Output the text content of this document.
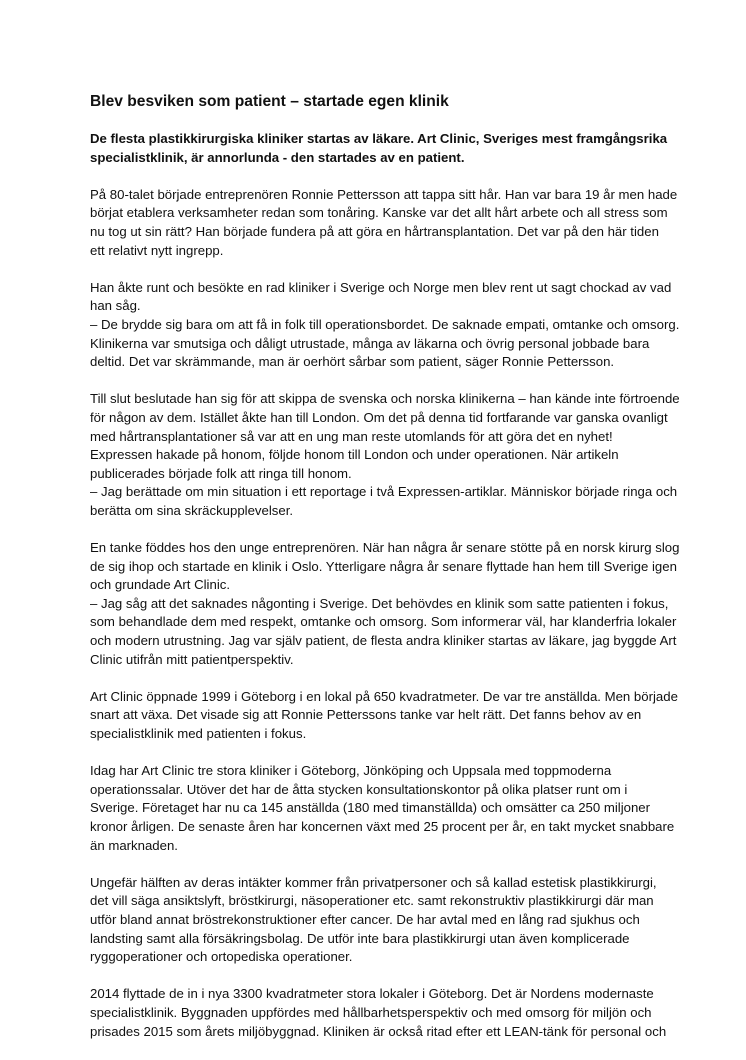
Blev besviken som patient – startade egen klinik

De flesta plastikkirurgiska kliniker startas av läkare. Art Clinic, Sveriges mest framgångsrika
specialistklinik, är annorlunda - den startades av en patient.

På 80-talet började entreprenören Ronnie Pettersson att tappa sitt hår. Han var bara 19 år men hade
börjat etablera verksamheter redan som tonåring. Kanske var det allt hårt arbete och all stress som
nu tog ut sin rätt? Han började fundera på att göra en hårtransplantation. Det var på den här tiden
ett relativt nytt ingrepp.

Han åkte runt och besökte en rad kliniker i Sverige och Norge men blev rent ut sagt chockad av vad
han såg.
– De brydde sig bara om att få in folk till operationsbordet. De saknade empati, omtanke och omsorg.
Klinikerna var smutsiga och dåligt utrustade, många av läkarna och övrig personal jobbade bara
deltid. Det var skrämmande, man är oerhört sårbar som patient, säger Ronnie Pettersson.

Till slut beslutade han sig för att skippa de svenska och norska klinikerna – han kände inte förtroende
för någon av dem. Istället åkte han till London. Om det på denna tid fortfarande var ganska ovanligt
med hårtransplantationer så var att en ung man reste utomlands för att göra det en nyhet!
Expressen hakade på honom, följde honom till London och under operationen. När artikeln
publicerades började folk att ringa till honom.
– Jag berättade om min situation i ett reportage i två Expressen-artiklar. Människor började ringa och
berätta om sina skräckupplevelser.

En tanke föddes hos den unge entreprenören. När han några år senare stötte på en norsk kirurg slog
de sig ihop och startade en klinik i Oslo. Ytterligare några år senare flyttade han hem till Sverige igen
och grundade Art Clinic.
– Jag såg att det saknades någonting i Sverige. Det behövdes en klinik som satte patienten i fokus,
som behandlade dem med respekt, omtanke och omsorg. Som informerar väl, har klanderfria lokaler
och modern utrustning. Jag var själv patient, de flesta andra kliniker startas av läkare, jag byggde Art
Clinic utifrån mitt patientperspektiv.

Art Clinic öppnade 1999 i Göteborg i en lokal på 650 kvadratmeter. De var tre anställda. Men började
snart att växa. Det visade sig att Ronnie Petterssons tanke var helt rätt. Det fanns behov av en
specialistklinik med patienten i fokus.

Idag har Art Clinic tre stora kliniker i Göteborg, Jönköping och Uppsala med toppmoderna
operationssalar. Utöver det har de åtta stycken konsultationskontor på olika platser runt om i
Sverige. Företaget har nu ca 145 anställda (180 med timanställda) och omsätter ca 250 miljoner
kronor årligen. De senaste åren har koncernen växt med 25 procent per år, en takt mycket snabbare
än marknaden.

Ungefär hälften av deras intäkter kommer från privatpersoner och så kallad estetisk plastikkirurgi,
det vill säga ansiktslyft, bröstkirurgi, näsoperationer etc. samt rekonstruktiv plastikkirurgi där man
utför bland annat bröstrekonstruktioner efter cancer. De har avtal med en lång rad sjukhus och
landsting samt alla försäkringsbolag. De utför inte bara plastikkirurgi utan även komplicerade
ryggoperationer och ortopediska operationer.

2014 flyttade de in i nya 3300 kvadratmeter stora lokaler i Göteborg. Det är Nordens modernaste
specialistklinik. Byggnaden uppfördes med hållbarhetsperspektiv och med omsorg för miljön och
prisades 2015 som årets miljöbyggnad. Kliniken är också ritad efter ett LEAN-tänk för personal och
